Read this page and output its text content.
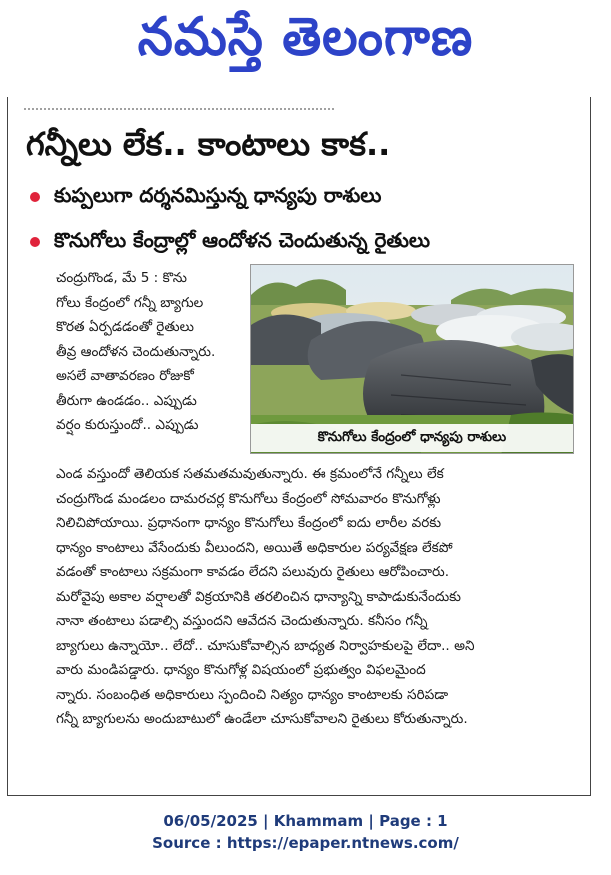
నమస్తే తెలంగాణ
గన్నీలు లేక.. కాంటాలు కాక..
కుప్పలుగా దర్శనమిస్తున్న ధాన్యపు రాశులు
కొనుగోలు కేంద్రాల్లో ఆందోళన చెందుతున్న రైతులు
కొనుగోలు కేంద్రంలో ధాన్యపు రాశులు
చంద్రుగొండ, మే 5 : కొను
గోలు కేంద్రంలో గన్నీ బ్యాగుల
కొరత ఏర్పడడంతో రైతులు
తీవ్ర ఆందోళన చెందుతున్నారు.
అసలే వాతావరణం రోజుకో
తీరుగా ఉండడం.. ఎప్పుడు
వర్షం కురుస్తుందో.. ఎప్పుడు
ఎండ వస్తుందో తెలియక సతమతమవుతున్నారు. ఈ క్రమంలోనే గన్నీలు లేక
చంద్రుగొండ మండలం దామరచర్ల కొనుగోలు కేంద్రంలో సోమవారం కొనుగోళ్లు
నిలిచిపోయాయి. ప్రధానంగా ధాన్యం కొనుగోలు కేంద్రంలో ఐదు లారీల వరకు
ధాన్యం కాంటాలు వేసేందుకు వీలుందని, అయితే అధికారుల పర్యవేక్షణ లేకపో
వడంతో కాంటాలు సక్రమంగా కావడం లేదని పలువురు రైతులు ఆరోపించారు.
మరోవైపు అకాల వర్షాలతో విక్రయానికి తరలించిన ధాన్యాన్ని కాపాడుకునేందుకు
నానా తంటాలు పడాల్సి వస్తుందని ఆవేదన చెందుతున్నారు. కనీసం గన్నీ
బ్యాగులు ఉన్నాయో.. లేదో.. చూసుకోవాల్సిన బాధ్యత నిర్వాహకులపై లేదా.. అని
వారు మండిపడ్డారు. ధాన్యం కొనుగోళ్ల విషయంలో ప్రభుత్వం విఫలమైంద
న్నారు. సంబంధిత అధికారులు స్పందించి నిత్యం ధాన్యం కాంటాలకు సరిపడా
గన్నీ బ్యాగులను అందుబాటులో ఉండేలా చూసుకోవాలని రైతులు కోరుతున్నారు.
06/05/2025 | Khammam | Page : 1
Source : https://epaper.ntnews.com/
